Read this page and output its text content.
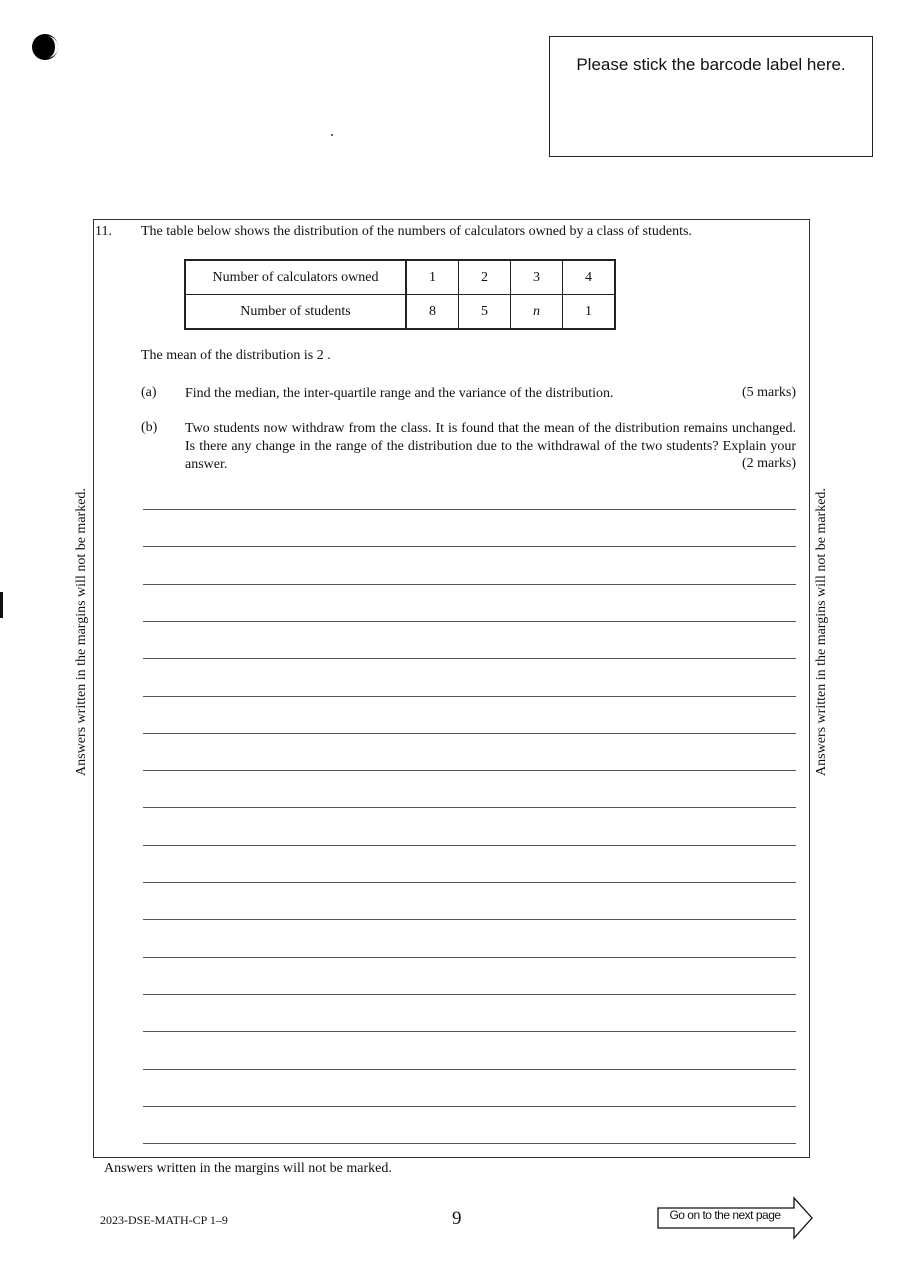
Please stick the barcode label here.
11. The table below shows the distribution of the numbers of calculators owned by a class of students.
Number of calculators owned	1	2	3	4
Number of students	8	5	n	1
The mean of the distribution is 2 .
(a) Find the median, the inter-quartile range and the variance of the distribution.	(5 marks)
(b) Two students now withdraw from the class. It is found that the mean of the distribution remains unchanged. Is there any change in the range of the distribution due to the withdrawal of the two students? Explain your answer.	(2 marks)
Answers written in the margins will not be marked.	Answers written in the margins will not be marked.
Answers written in the margins will not be marked.
2023-DSE-MATH-CP 1–9	9	Go on to the next page
